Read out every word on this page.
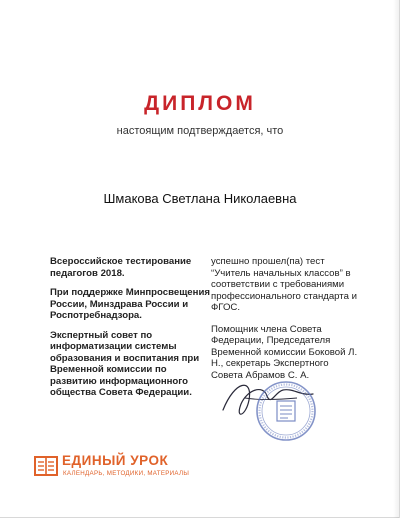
ДИПЛОМ
настоящим подтверждается, что
Шмакова Светлана Николаевна

Всероссийское тестирование педагогов 2018.

При поддержке Минпросвещения России, Минздрава России и Роспотребнадзора.

Экспертный совет по информатизации системы образования и воспитания при Временной комиссии по развитию информационного общества Совета Федерации.

успешно прошел(па) тест “Учитель начальных классов” в соответствии с требованиями профессионального стандарта и ФГОС.

Помощник члена Совета Федерации, Председателя Временной комиссии Боковой Л. Н., секретарь Экспертного Совета Абрамов С. А.

ЕДИНЫЙ УРОК
КАЛЕНДАРЬ, МЕТОДИКИ, МАТЕРИАЛЫ
